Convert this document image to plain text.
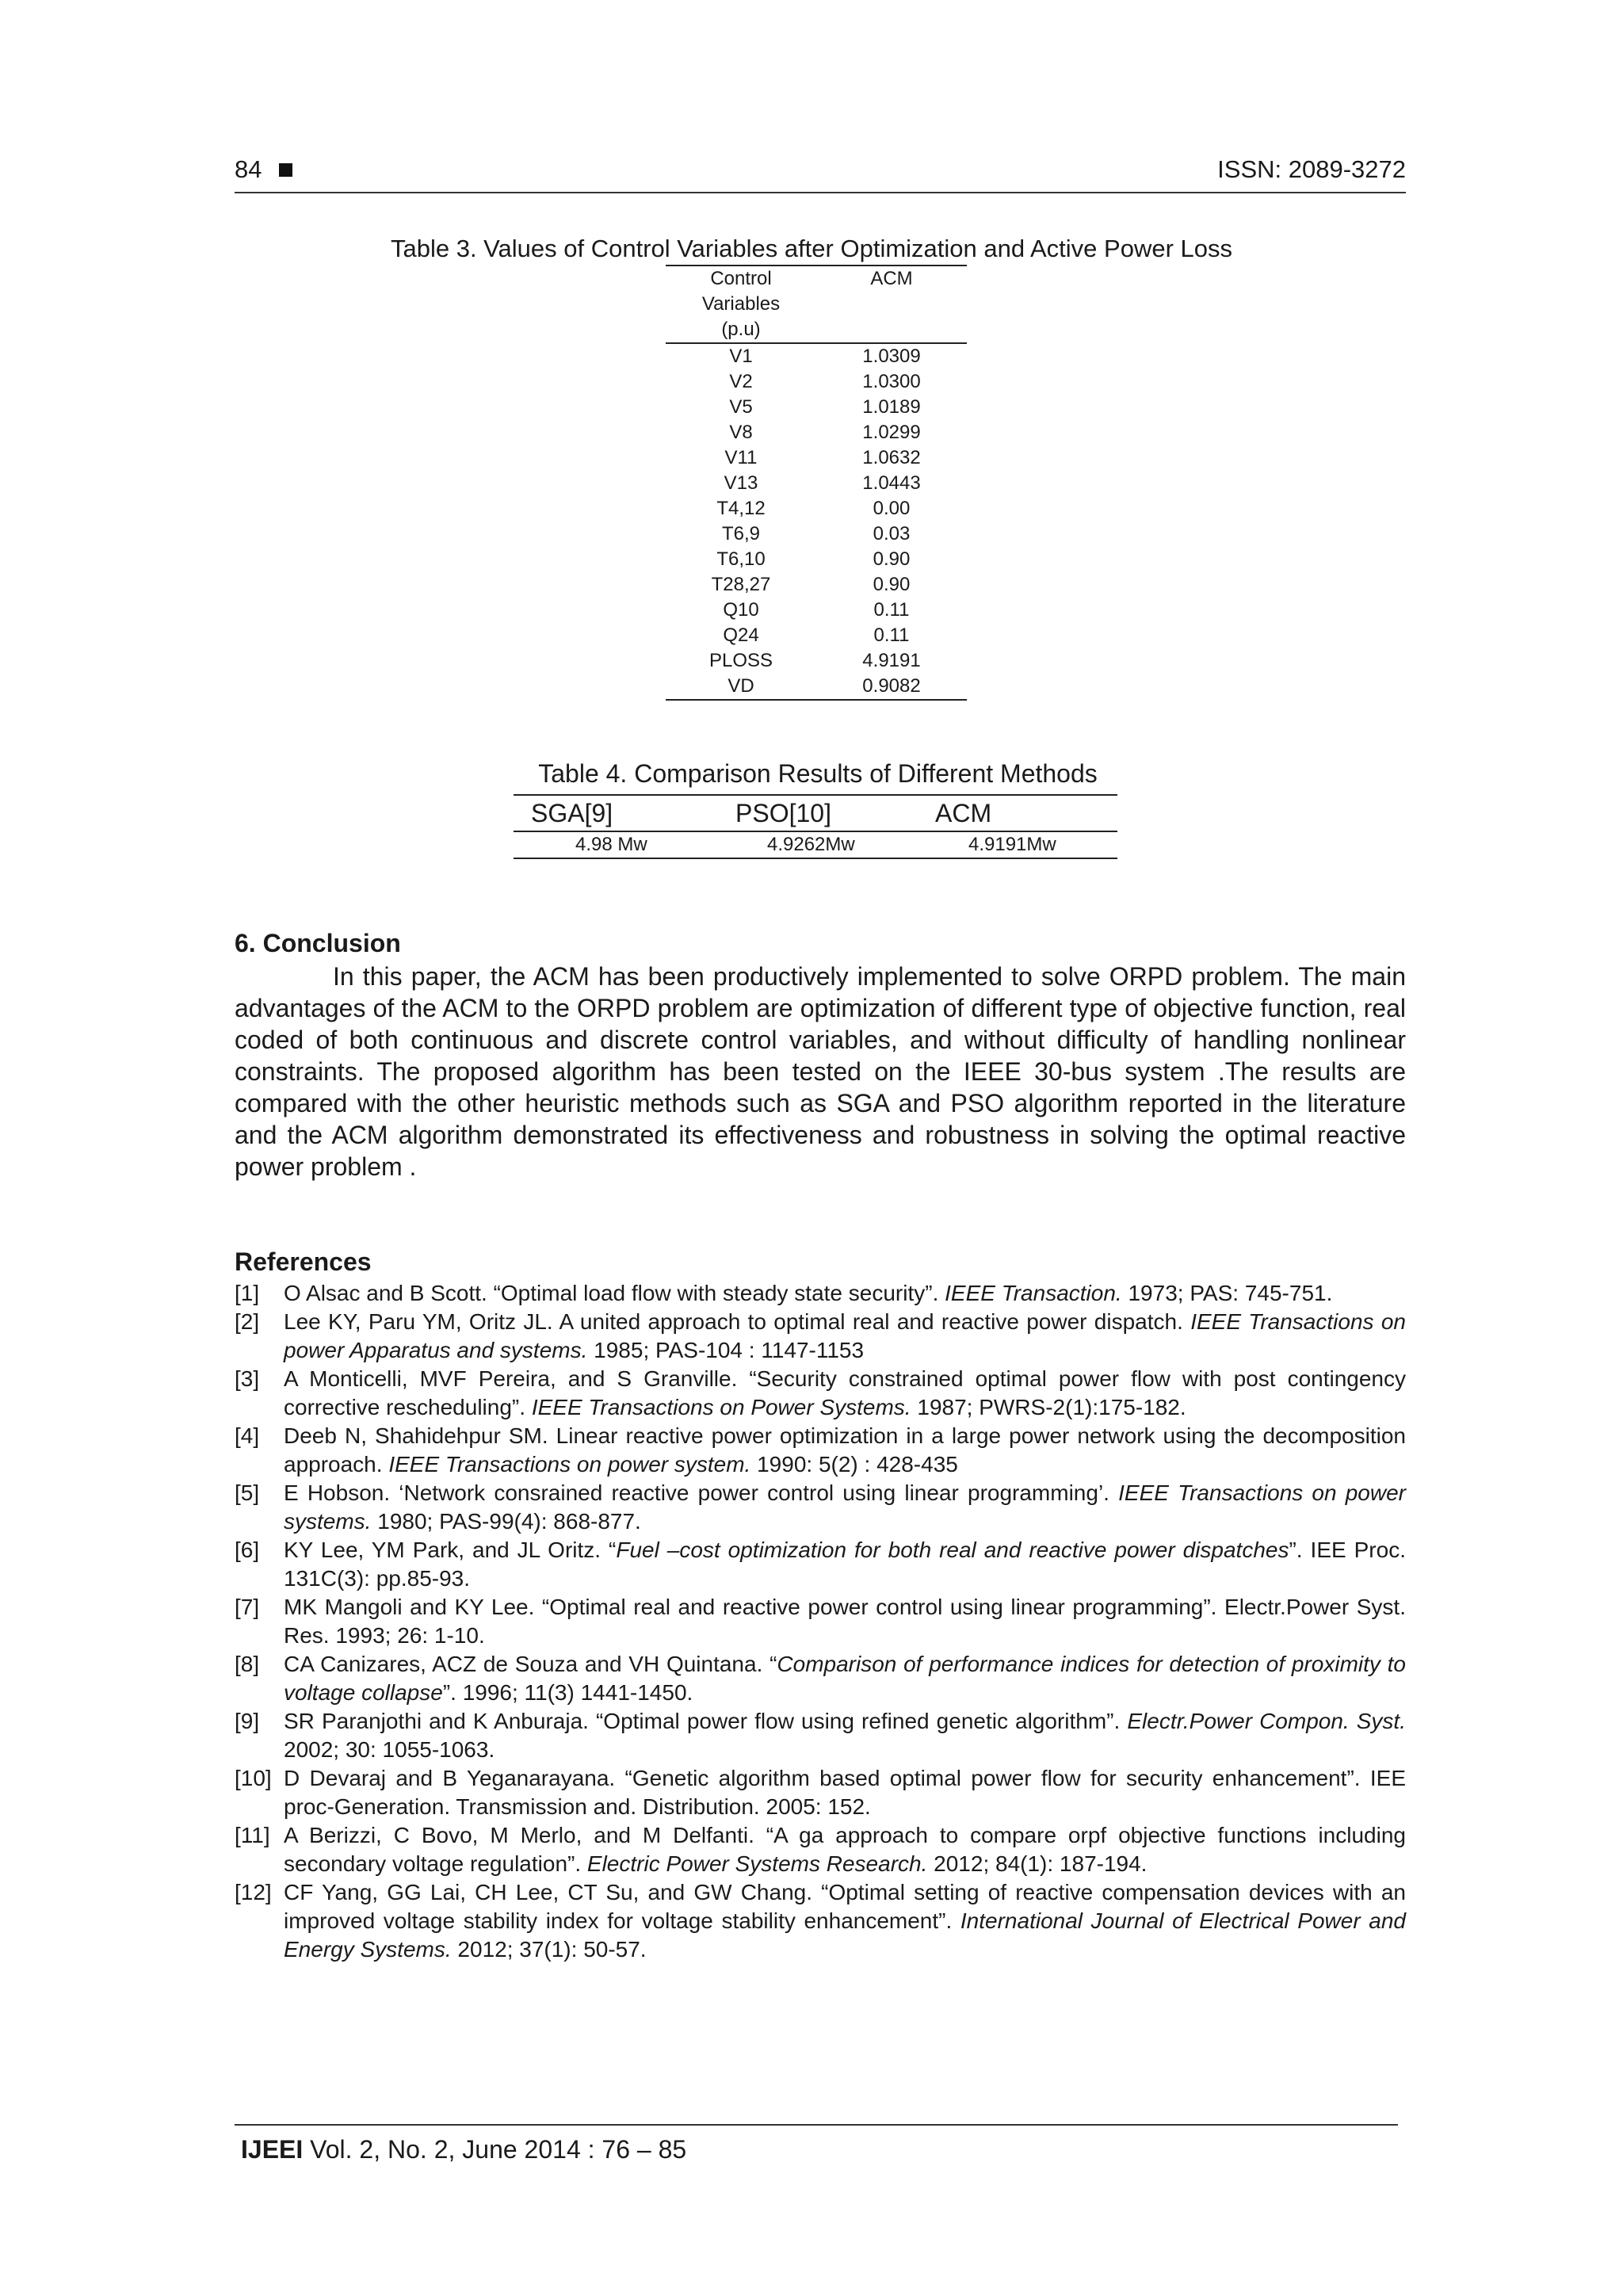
84	ISSN: 2089-3272
Table 3. Values of Control Variables after Optimization and Active Power Loss
Control
Variables
(p.u)	ACM
V1	1.0309
V2	1.0300
V5	1.0189
V8	1.0299
V11	1.0632
V13	1.0443
T4,12	0.00
T6,9	0.03
T6,10	0.90
T28,27	0.90
Q10	0.11
Q24	0.11
PLOSS	4.9191
VD	0.9082
Table 4. Comparison Results of Different Methods
SGA[9]	PSO[10]	ACM
4.98 Mw	4.9262Mw	4.9191Mw
6. Conclusion
In this paper, the ACM has been productively implemented to solve ORPD problem. The main advantages of the ACM to the ORPD problem are optimization of different type of objective function, real coded of both continuous and discrete control variables, and without difficulty of handling nonlinear constraints. The proposed algorithm has been tested on the IEEE 30-bus system .The results are compared with the other heuristic methods such as SGA and PSO algorithm reported in the literature and the ACM algorithm demonstrated its effectiveness and robustness in solving the optimal reactive power problem .
References
[1] O Alsac and B Scott. “Optimal load flow with steady state security”. IEEE Transaction. 1973; PAS: 745-751.
[2] Lee KY, Paru YM, Oritz JL. A united approach to optimal real and reactive power dispatch. IEEE Transactions on power Apparatus and systems. 1985; PAS-104 : 1147-1153
[3] A Monticelli, MVF Pereira, and S Granville. “Security constrained optimal power flow with post contingency corrective rescheduling”. IEEE Transactions on Power Systems. 1987; PWRS-2(1):175-182.
[4] Deeb N, Shahidehpur SM. Linear reactive power optimization in a large power network using the decomposition approach. IEEE Transactions on power system. 1990: 5(2) : 428-435
[5] E Hobson. ‘Network consrained reactive power control using linear programming’. IEEE Transactions on power systems. 1980; PAS-99(4): 868-877.
[6] KY Lee, YM Park, and JL Oritz. “Fuel –cost optimization for both real and reactive power dispatches”. IEE Proc. 131C(3): pp.85-93.
[7] MK Mangoli and KY Lee. “Optimal real and reactive power control using linear programming”. Electr.Power Syst. Res. 1993; 26: 1-10.
[8] CA Canizares, ACZ de Souza and VH Quintana. “Comparison of performance indices for detection of proximity to voltage collapse”. 1996; 11(3) 1441-1450.
[9] SR Paranjothi and K Anburaja. “Optimal power flow using refined genetic algorithm”. Electr.Power Compon. Syst. 2002; 30: 1055-1063.
[10] D Devaraj and B Yeganarayana. “Genetic algorithm based optimal power flow for security enhancement”. IEE proc-Generation. Transmission and. Distribution. 2005: 152.
[11] A Berizzi, C Bovo, M Merlo, and M Delfanti. “A ga approach to compare orpf objective functions including secondary voltage regulation”. Electric Power Systems Research. 2012; 84(1): 187-194.
[12] CF Yang, GG Lai, CH Lee, CT Su, and GW Chang. “Optimal setting of reactive compensation devices with an improved voltage stability index for voltage stability enhancement”. International Journal of Electrical Power and Energy Systems. 2012; 37(1): 50-57.
IJEEI Vol. 2, No. 2, June 2014 : 76 – 85
